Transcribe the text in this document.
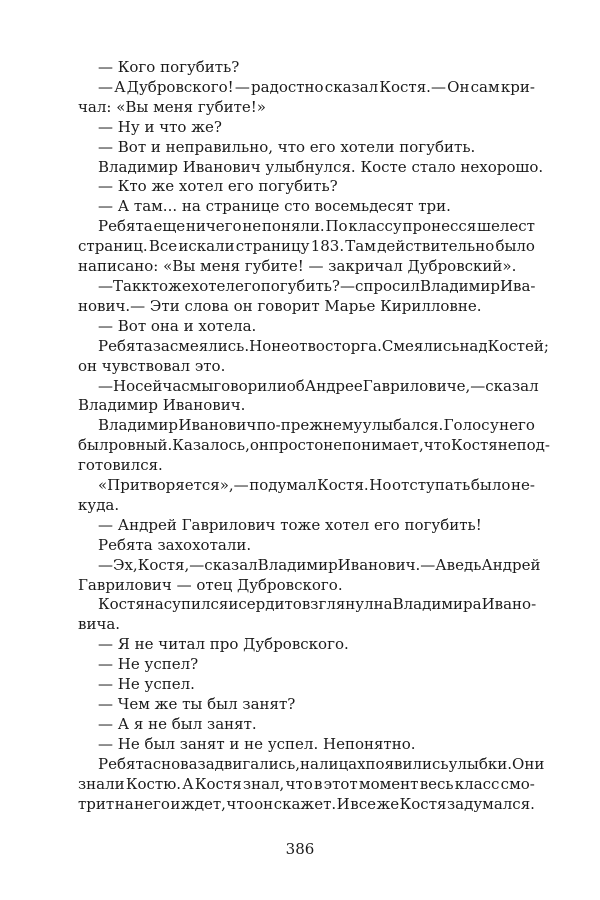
— Кого погубить?
— А Дубровского! — радостно сказал Костя.— Он сам кри-
чал: «Вы меня губите!»
— Ну и что же?
— Вот и неправильно, что его хотели погубить.
Владимир Иванович улыбнулся. Косте стало нехорошо.
— Кто же хотел его погубить?
— А там... на странице сто восемьдесят три.
Ребята еще ничего не поняли. По классу пронесся шелест
страниц. Все искали страницу 183. Там действительно было
написано: «Вы меня губите! — закричал Дубровский».
— Так кто же хотел его погубить? — спросил Владимир Ива-
нович.— Эти слова он говорит Марье Кирилловне.
— Вот она и хотела.
Ребята засмеялись. Но не от восторга. Смеялись над Костей;
он чувствовал это.
— Но сейчас мы говорили об Андрее Гавриловиче,— сказал
Владимир Иванович.
Владимир Иванович по-прежнему улыбался. Голос у него
был ровный. Казалось, он просто не понимает, что Костя не под-
готовился.
«Притворяется»,— подумал Костя. Но отступать было не-
куда.
— Андрей Гаврилович тоже хотел его погубить!
Ребята захохотали.
— Эх, Костя,— сказал Владимир Иванович.— А ведь Андрей
Гаврилович — отец Дубровского.
Костя насупился и сердито взглянул на Владимира Ивано-
вича.
— Я не читал про Дубровского.
— Не успел?
— Не успел.
— Чем же ты был занят?
— А я не был занят.
— Не был занят и не успел. Непонятно.
Ребята снова задвигались, на лицах появились улыбки. Они
знали Костю. А Костя знал, что в этот момент весь класс смо-
трит на него и ждет, что он скажет. И все же Костя задумался.
386
